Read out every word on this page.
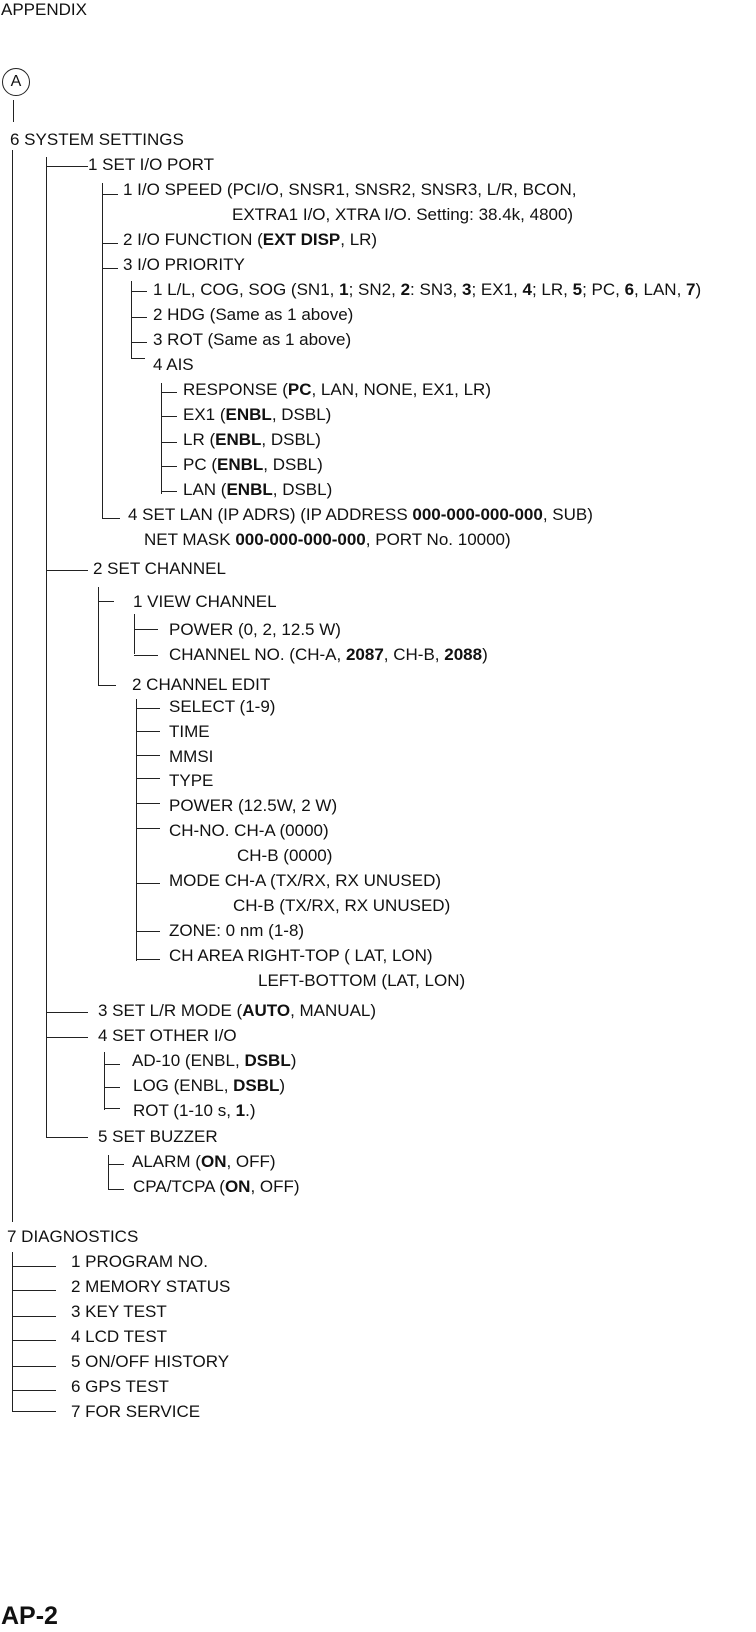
APPENDIX
A
6 SYSTEM SETTINGS
1 SET I/O PORT
1 I/O SPEED (PCI/O, SNSR1, SNSR2, SNSR3, L/R, BCON,
EXTRA1 I/O, XTRA I/O. Setting: 38.4k, 4800)
2 I/O FUNCTION (EXT DISP, LR)
3 I/O PRIORITY
1 L/L, COG, SOG (SN1, 1; SN2, 2: SN3, 3; EX1, 4; LR, 5; PC, 6, LAN, 7)
2 HDG (Same as 1 above)
3 ROT (Same as 1 above)
4 AIS
RESPONSE (PC, LAN, NONE, EX1, LR)
EX1 (ENBL, DSBL)
LR (ENBL, DSBL)
PC (ENBL, DSBL)
LAN (ENBL, DSBL)
4 SET LAN (IP ADRS) (IP ADDRESS 000-000-000-000, SUB)
NET MASK 000-000-000-000, PORT No. 10000)
2 SET CHANNEL
1 VIEW CHANNEL
POWER (0, 2, 12.5 W)
CHANNEL NO. (CH-A, 2087, CH-B, 2088)
2 CHANNEL EDIT
SELECT (1-9)
TIME
MMSI
TYPE
POWER (12.5W, 2 W)
CH-NO. CH-A (0000)
CH-B (0000)
MODE CH-A (TX/RX, RX UNUSED)
CH-B (TX/RX, RX UNUSED)
ZONE: 0 nm (1-8)
CH AREA RIGHT-TOP ( LAT, LON)
LEFT-BOTTOM (LAT, LON)
3 SET L/R MODE (AUTO, MANUAL)
4 SET OTHER I/O
AD-10 (ENBL, DSBL)
LOG (ENBL, DSBL)
ROT (1-10 s, 1.)
5 SET BUZZER
ALARM (ON, OFF)
CPA/TCPA (ON, OFF)
7 DIAGNOSTICS
1 PROGRAM NO.
2 MEMORY STATUS
3 KEY TEST
4 LCD TEST
5 ON/OFF HISTORY
6 GPS TEST
7 FOR SERVICE
AP-2
